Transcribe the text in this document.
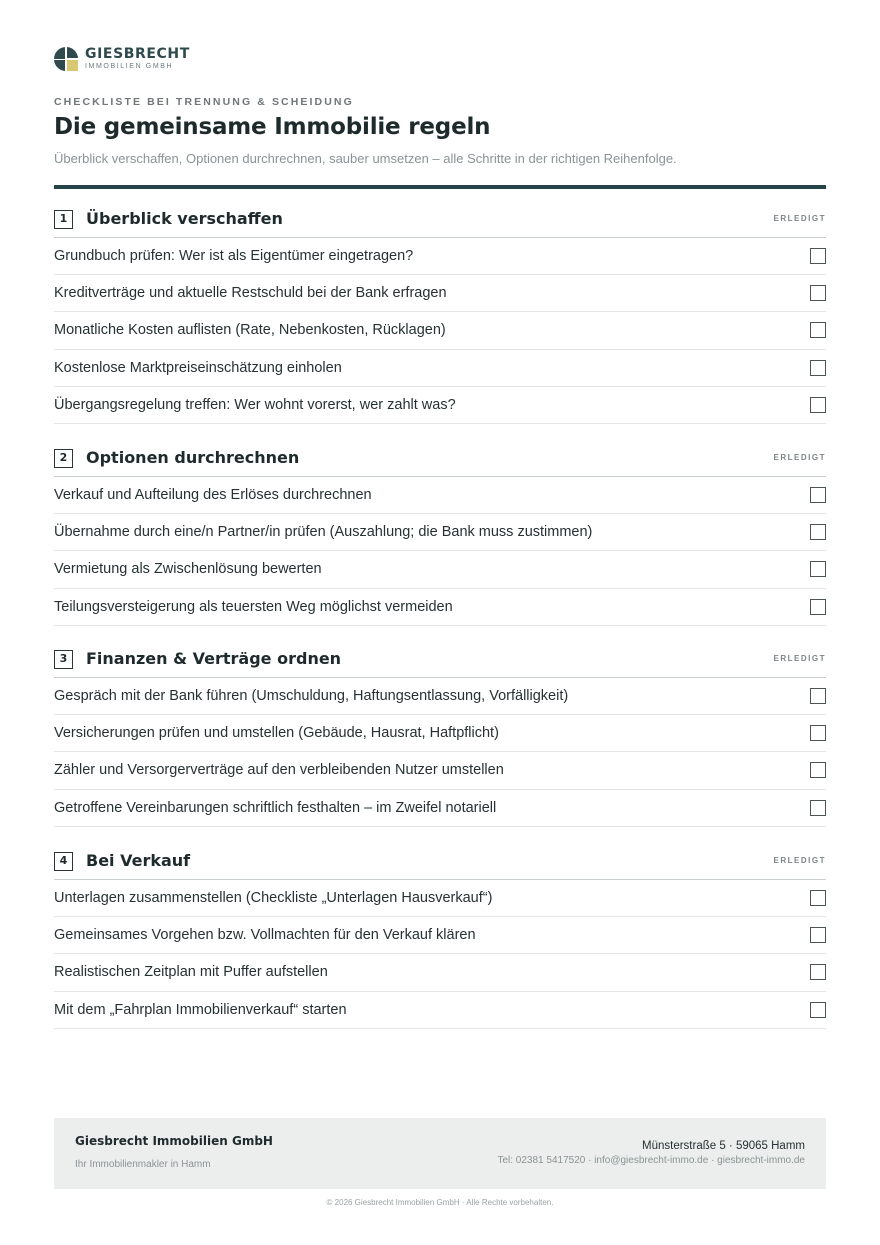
GIESBRECHT
IMMOBILIEN GMBH
CHECKLISTE BEI TRENNUNG & SCHEIDUNG
Die gemeinsame Immobilie regeln
Überblick verschaffen, Optionen durchrechnen, sauber umsetzen – alle Schritte in der richtigen Reihenfolge.
1	Überblick verschaffen	ERLEDIGT
Grundbuch prüfen: Wer ist als Eigentümer eingetragen?
Kreditverträge und aktuelle Restschuld bei der Bank erfragen
Monatliche Kosten auflisten (Rate, Nebenkosten, Rücklagen)
Kostenlose Marktpreiseinschätzung einholen
Übergangsregelung treffen: Wer wohnt vorerst, wer zahlt was?
2	Optionen durchrechnen	ERLEDIGT
Verkauf und Aufteilung des Erlöses durchrechnen
Übernahme durch eine/n Partner/in prüfen (Auszahlung; die Bank muss zustimmen)
Vermietung als Zwischenlösung bewerten
Teilungsversteigerung als teuersten Weg möglichst vermeiden
3	Finanzen & Verträge ordnen	ERLEDIGT
Gespräch mit der Bank führen (Umschuldung, Haftungsentlassung, Vorfälligkeit)
Versicherungen prüfen und umstellen (Gebäude, Hausrat, Haftpflicht)
Zähler und Versorgerverträge auf den verbleibenden Nutzer umstellen
Getroffene Vereinbarungen schriftlich festhalten – im Zweifel notariell
4	Bei Verkauf	ERLEDIGT
Unterlagen zusammenstellen (Checkliste „Unterlagen Hausverkauf“)
Gemeinsames Vorgehen bzw. Vollmachten für den Verkauf klären
Realistischen Zeitplan mit Puffer aufstellen
Mit dem „Fahrplan Immobilienverkauf“ starten
Giesbrecht Immobilien GmbH
Ihr Immobilienmakler in Hamm
Münsterstraße 5 · 59065 Hamm
Tel: 02381 5417520 · info@giesbrecht-immo.de · giesbrecht-immo.de
© 2026 Giesbrecht Immobilien GmbH · Alle Rechte vorbehalten.
